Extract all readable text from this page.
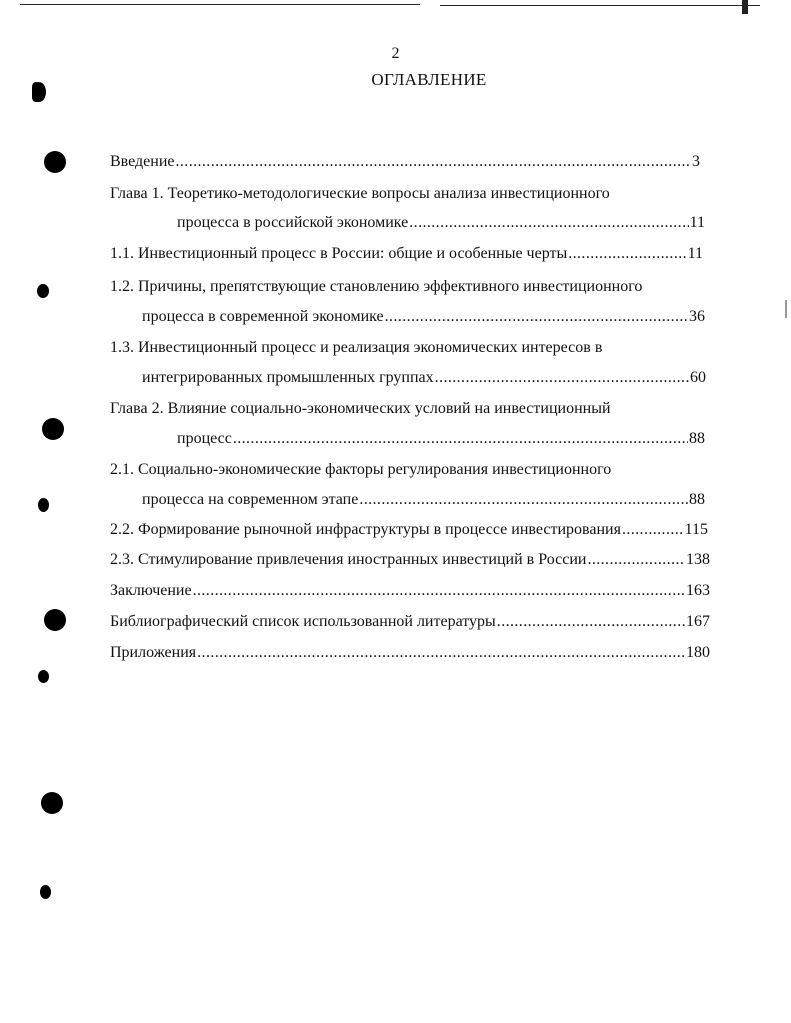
2
ОГЛАВЛЕНИЕ
Введение .....	3
Глава 1. Теоретико-методологические вопросы анализа инвестиционного
процесса в российской экономике .....	11
1.1. Инвестиционный процесс в России: общие и особенные черты .....	11
1.2. Причины, препятствующие становлению эффективного инвестиционного
процесса в современной экономике .....	36
1.3. Инвестиционный процесс и реализация экономических интересов в
интегрированных промышленных группах .....	60
Глава 2. Влияние социально-экономических условий на инвестиционный
процесс .....	88
2.1. Социально-экономические факторы регулирования инвестиционного
процесса на современном этапе .....	88
2.2. Формирование рыночной инфраструктуры в процессе инвестирования .....	115
2.3. Стимулирование привлечения иностранных инвестиций в России .....	138
Заключение .....	163
Библиографический список использованной литературы .....	167
Приложения .....	180
